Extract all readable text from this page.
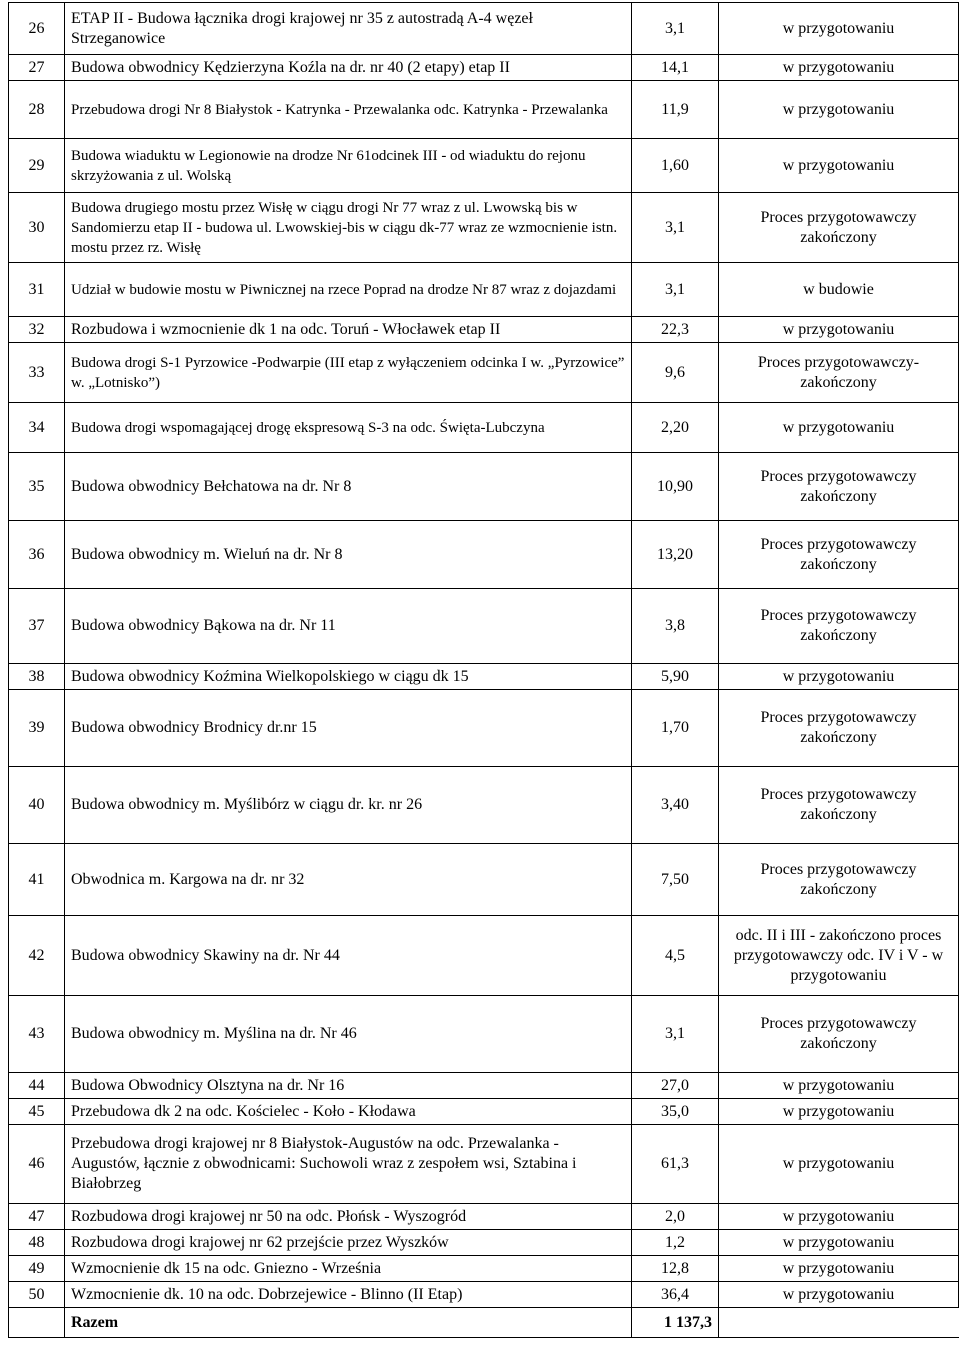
26	ETAP II - Budowa łącznika drogi krajowej nr 35 z autostradą A-4 węzeł Strzeganowice	3,1	w przygotowaniu
27	Budowa obwodnicy Kędzierzyna Koźla na dr. nr 40 (2 etapy) etap II	14,1	w przygotowaniu
28	Przebudowa drogi Nr 8 Białystok - Katrynka - Przewalanka odc. Katrynka - Przewalanka	11,9	w przygotowaniu
29	Budowa wiaduktu w Legionowie na drodze Nr 61odcinek III - od wiaduktu do rejonu skrzyżowania z ul. Wolską	1,60	w przygotowaniu
30	Budowa drugiego mostu przez Wisłę w ciągu drogi Nr 77 wraz z ul. Lwowską bis w Sandomierzu etap II - budowa ul. Lwowskiej-bis w ciągu dk-77 wraz ze wzmocnienie istn. mostu przez rz. Wisłę	3,1	Proces przygotowawczy zakończony
31	Udział w budowie mostu w Piwnicznej na rzece Poprad na drodze Nr 87 wraz z dojazdami	3,1	w budowie
32	Rozbudowa i wzmocnienie dk 1 na odc. Toruń - Włocławek etap II	22,3	w przygotowaniu
33	Budowa drogi S-1 Pyrzowice -Podwarpie (III etap z wyłączeniem odcinka I w. „Pyrzowice” w. „Lotnisko”)	9,6	Proces przygotowawczy- zakończony
34	Budowa drogi wspomagającej drogę ekspresową S-3 na odc. Święta-Lubczyna	2,20	w przygotowaniu
35	Budowa obwodnicy Bełchatowa na dr. Nr 8	10,90	Proces przygotowawczy zakończony
36	Budowa obwodnicy m. Wieluń na dr. Nr 8	13,20	Proces przygotowawczy zakończony
37	Budowa obwodnicy Bąkowa na dr. Nr 11	3,8	Proces przygotowawczy zakończony
38	Budowa obwodnicy Koźmina Wielkopolskiego w ciągu dk 15	5,90	w przygotowaniu
39	Budowa obwodnicy Brodnicy dr.nr 15	1,70	Proces przygotowawczy zakończony
40	Budowa obwodnicy m. Myślibórz w ciągu dr. kr. nr 26	3,40	Proces przygotowawczy zakończony
41	Obwodnica m. Kargowa na dr. nr 32	7,50	Proces przygotowawczy zakończony
42	Budowa obwodnicy Skawiny na dr. Nr 44	4,5	odc. II i III - zakończono proces przygotowawczy odc. IV i V - w przygotowaniu
43	Budowa obwodnicy m. Myślina na dr. Nr 46	3,1	Proces przygotowawczy zakończony
44	Budowa Obwodnicy Olsztyna na dr. Nr 16	27,0	w przygotowaniu
45	Przebudowa dk 2 na odc. Kościelec - Koło - Kłodawa	35,0	w przygotowaniu
46	Przebudowa drogi krajowej nr 8 Białystok-Augustów na odc. Przewalanka - Augustów, łącznie z obwodnicami: Suchowoli wraz z zespołem wsi, Sztabina i Białobrzeg	61,3	w przygotowaniu
47	Rozbudowa drogi krajowej nr 50 na odc. Płońsk - Wyszogród	2,0	w przygotowaniu
48	Rozbudowa drogi krajowej nr 62 przejście przez Wyszków	1,2	w przygotowaniu
49	Wzmocnienie dk 15 na odc. Gniezno - Września	12,8	w przygotowaniu
50	Wzmocnienie dk. 10 na odc. Dobrzejewice - Blinno (II Etap)	36,4	w przygotowaniu
	Razem	1 137,3	
